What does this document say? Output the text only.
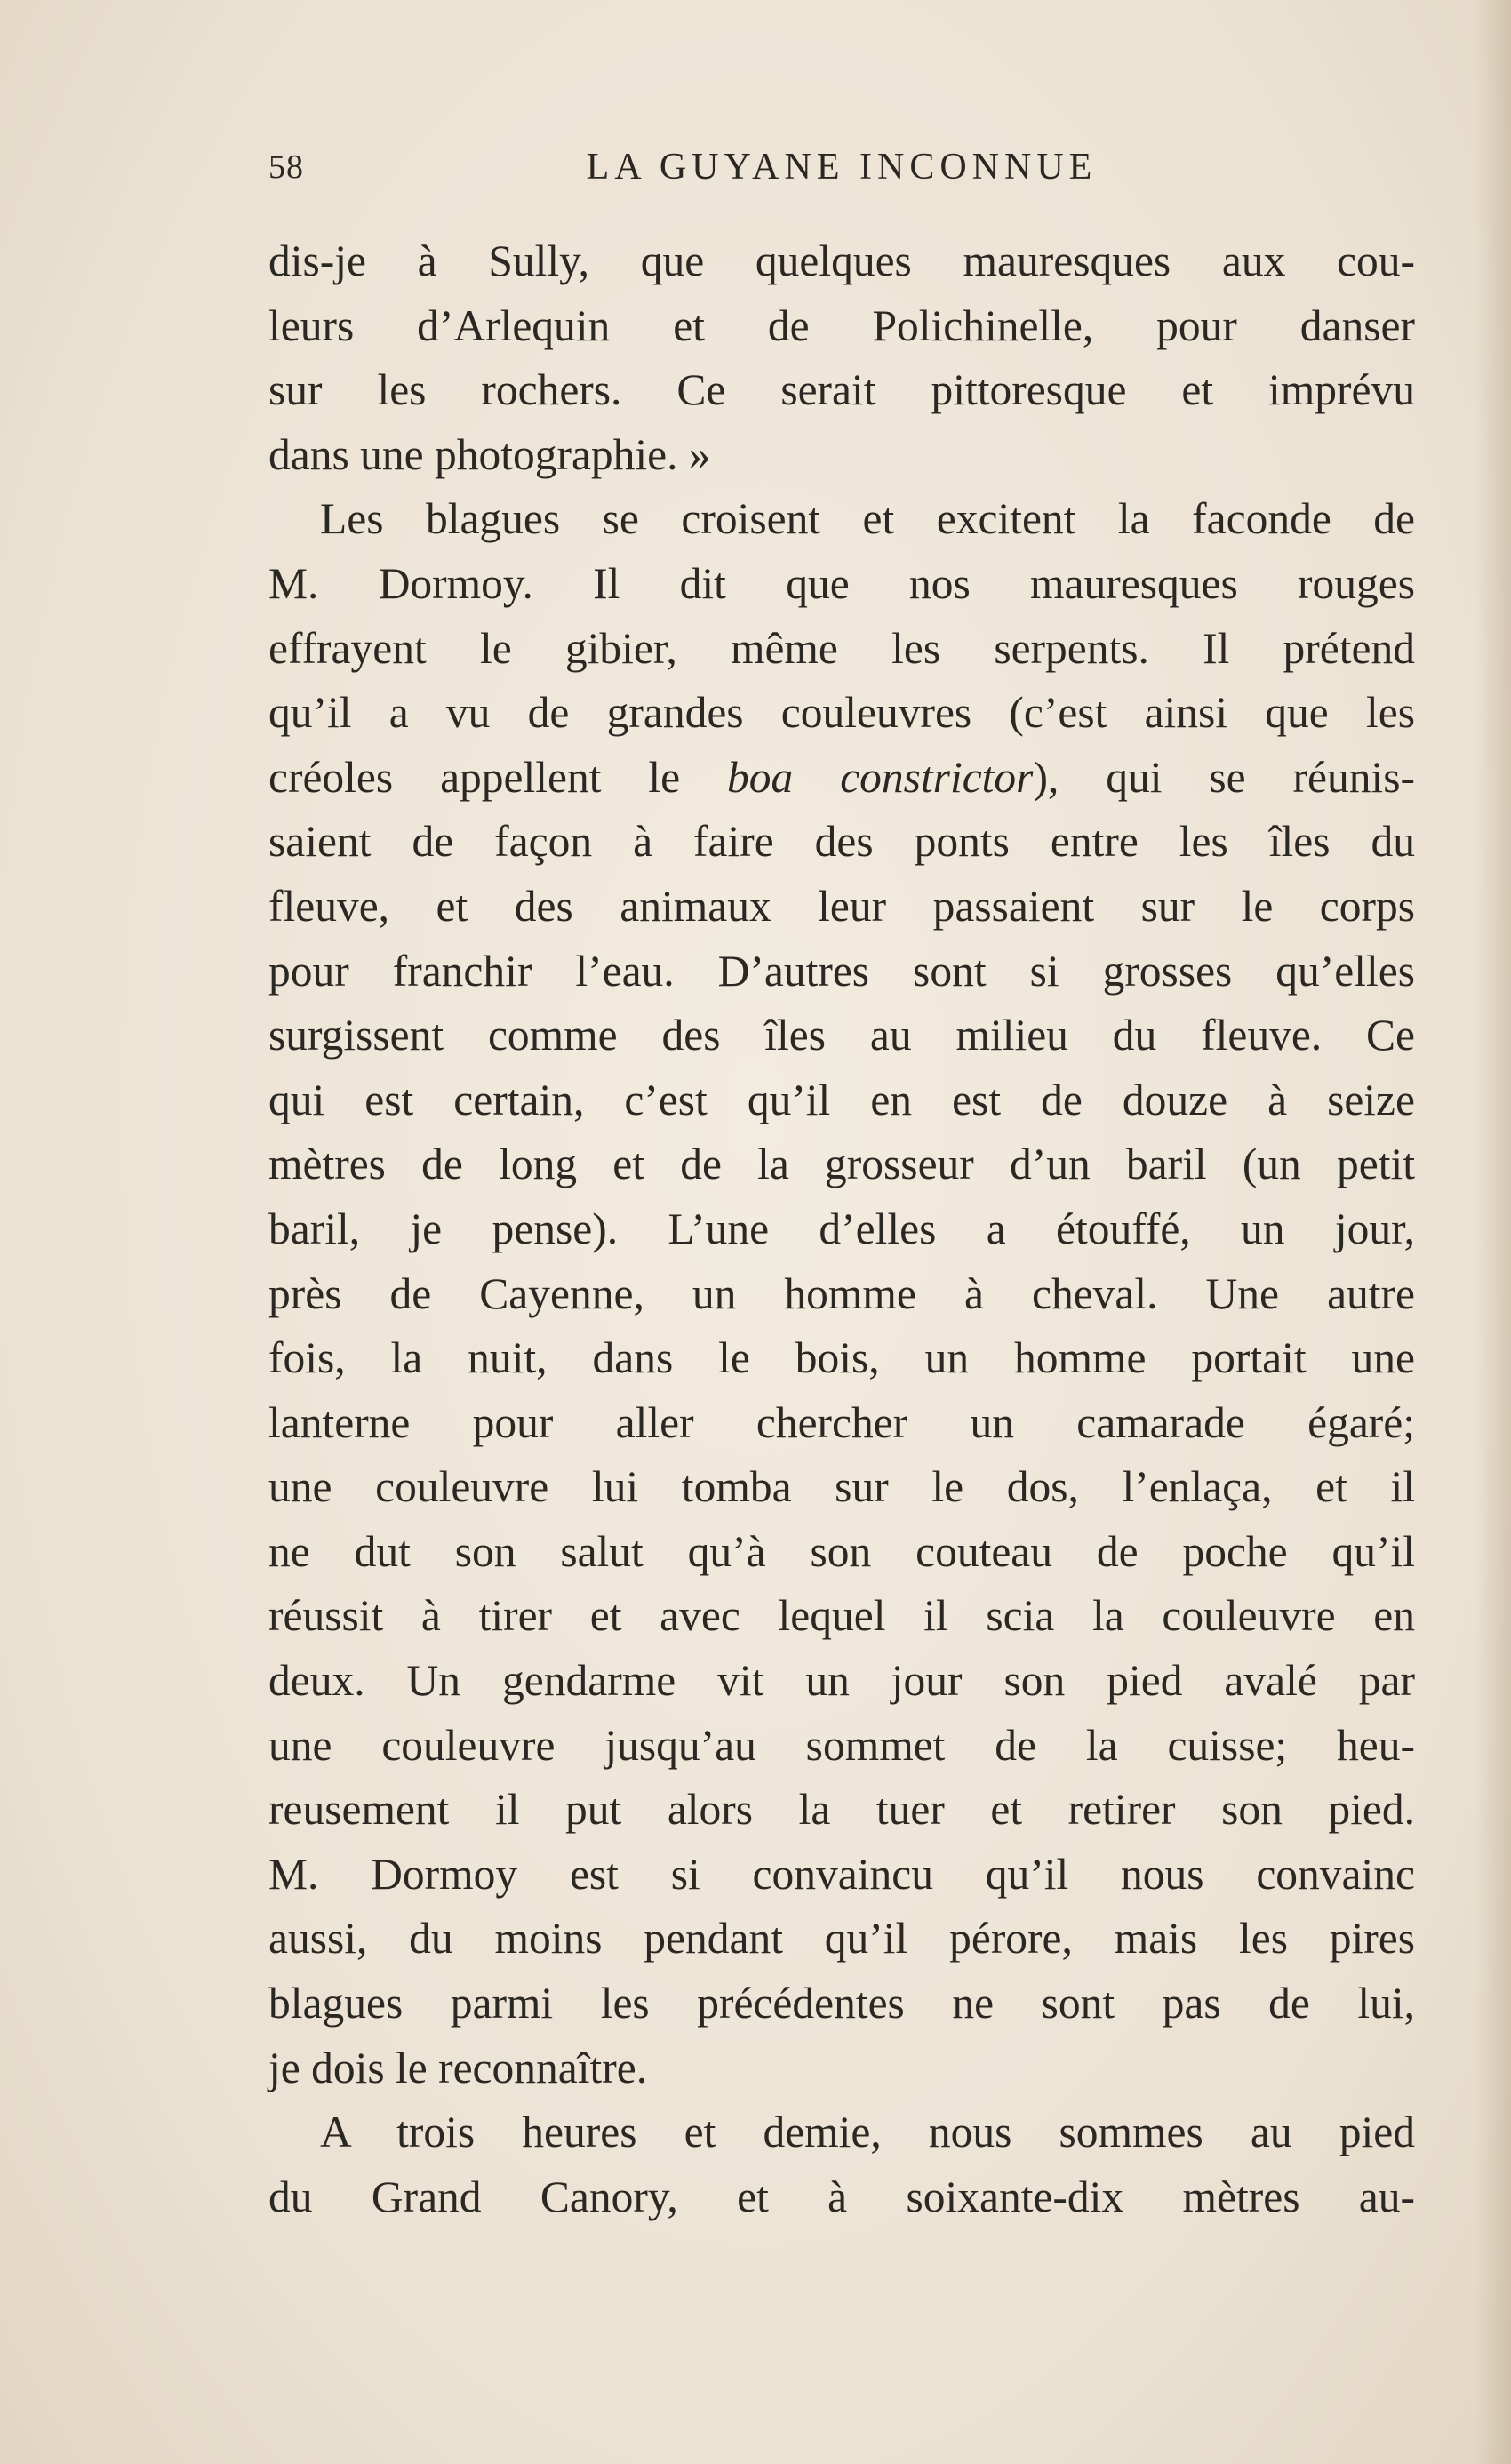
58	LA GUYANE INCONNUE
dis-je à Sully, que quelques mauresques aux cou-
leurs d’Arlequin et de Polichinelle, pour danser
sur les rochers. Ce serait pittoresque et imprévu
dans une photographie. »
Les blagues se croisent et excitent la faconde de
M. Dormoy. Il dit que nos mauresques rouges
effrayent le gibier, même les serpents. Il prétend
qu’il a vu de grandes couleuvres (c’est ainsi que les
créoles appellent le boa constrictor), qui se réunis-
saient de façon à faire des ponts entre les îles du
fleuve, et des animaux leur passaient sur le corps
pour franchir l’eau. D’autres sont si grosses qu’elles
surgissent comme des îles au milieu du fleuve. Ce
qui est certain, c’est qu’il en est de douze à seize
mètres de long et de la grosseur d’un baril (un petit
baril, je pense). L’une d’elles a étouffé, un jour,
près de Cayenne, un homme à cheval. Une autre
fois, la nuit, dans le bois, un homme portait une
lanterne pour aller chercher un camarade égaré;
une couleuvre lui tomba sur le dos, l’enlaça, et il
ne dut son salut qu’à son couteau de poche qu’il
réussit à tirer et avec lequel il scia la couleuvre en
deux. Un gendarme vit un jour son pied avalé par
une couleuvre jusqu’au sommet de la cuisse; heu-
reusement il put alors la tuer et retirer son pied.
M. Dormoy est si convaincu qu’il nous convainc
aussi, du moins pendant qu’il pérore, mais les pires
blagues parmi les précédentes ne sont pas de lui,
je dois le reconnaître.
A trois heures et demie, nous sommes au pied
du Grand Canory, et à soixante-dix mètres au-
